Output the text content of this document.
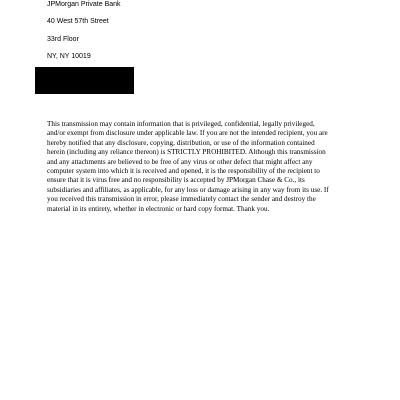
JPMorgan Private Bank
40 West 57th Street
33rd Floor
NY, NY 10019
This transmission may contain information that is privileged, confidential, legally privileged,
and/or exempt from disclosure under applicable law. If you are not the intended recipient, you are
hereby notified that any disclosure, copying, distribution, or use of the information contained
herein (including any reliance thereon) is STRICTLY PROHIBITED. Although this transmission
and any attachments are believed to be free of any virus or other defect that might affect any
computer system into which it is received and opened, it is the responsibility of the recipient to
ensure that it is virus free and no responsibility is accepted by JPMorgan Chase & Co., its
subsidiaries and affiliates, as applicable, for any loss or damage arising in any way from its use. If
you received this transmission in error, please immediately contact the sender and destroy the
material in its entirety, whether in electronic or hard copy format. Thank you.
